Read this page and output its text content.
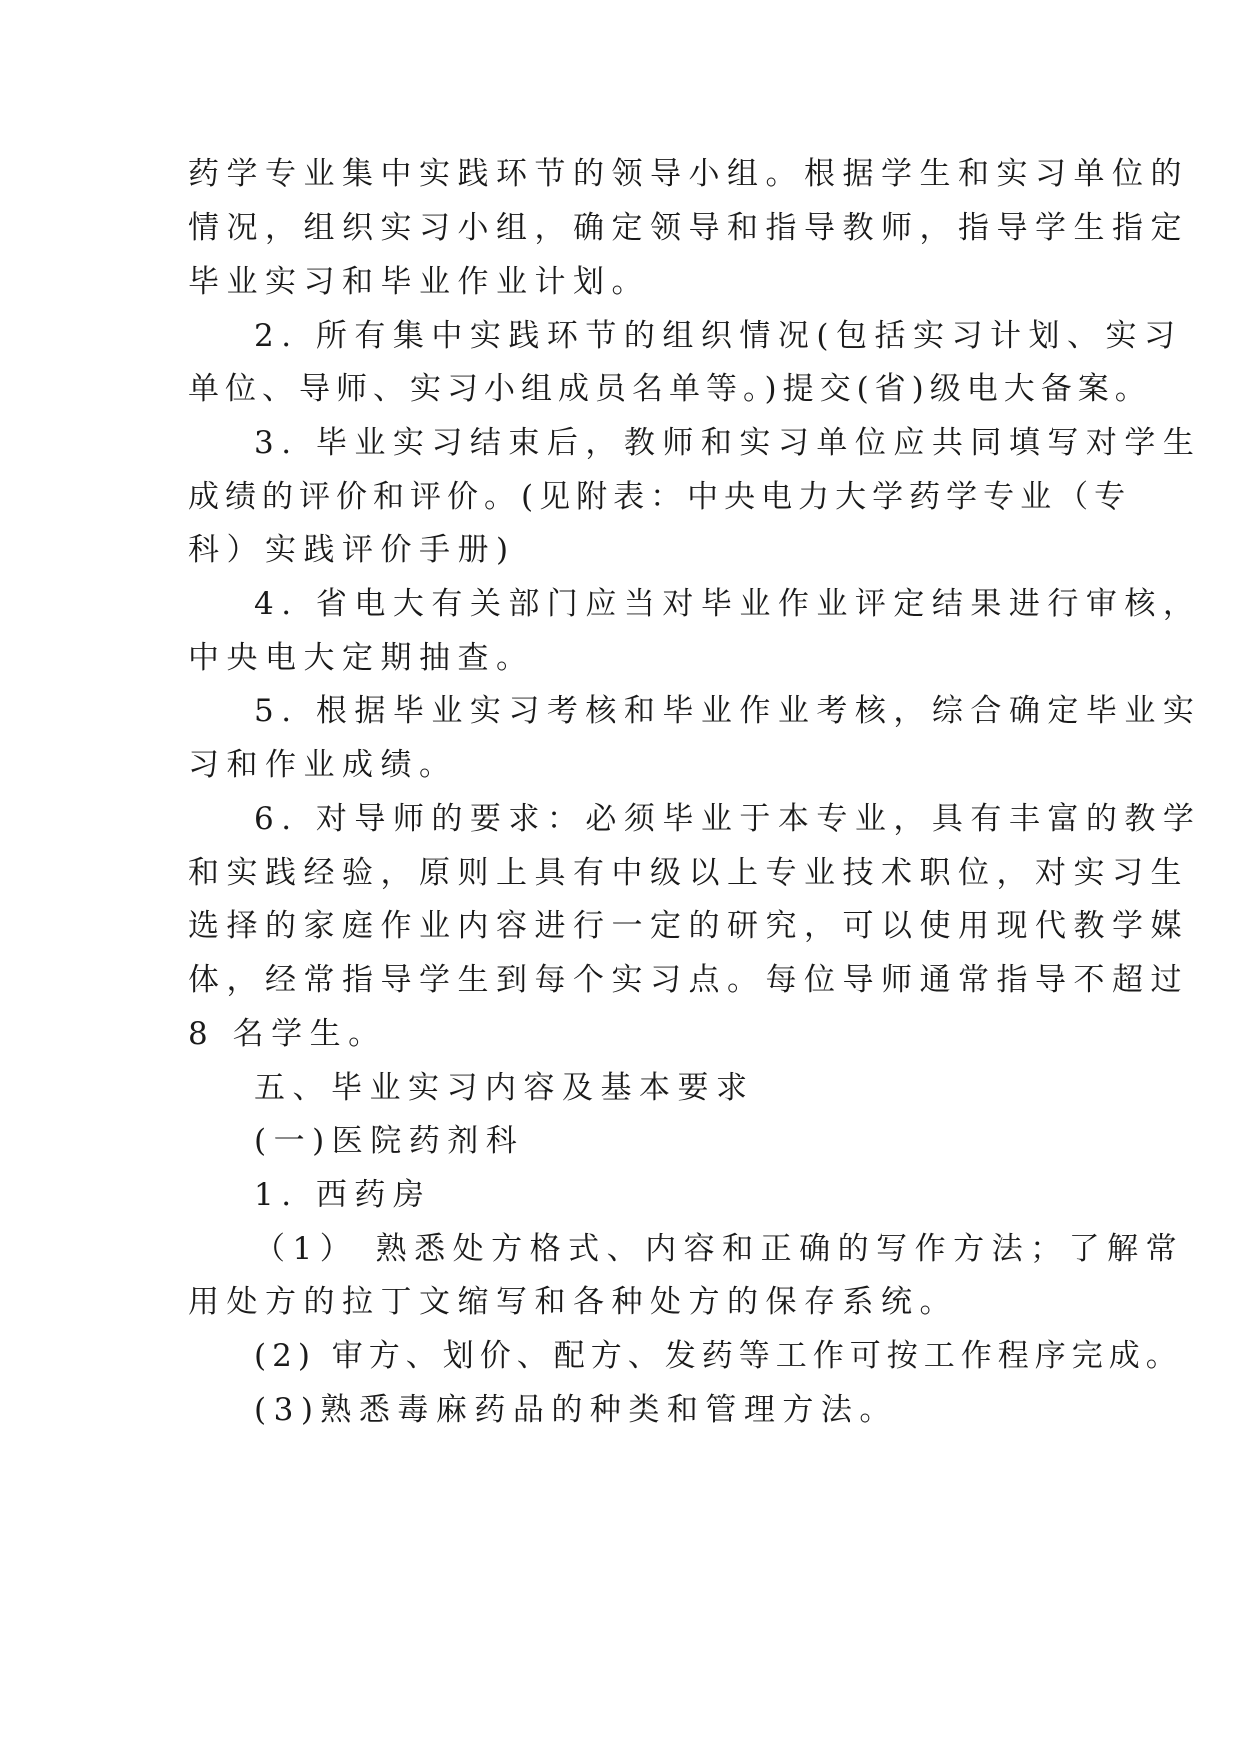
药学专业集中实践环节的领导小组。根据学生和实习单位的
情况，组织实习小组，确定领导和指导教师，指导学生指定
毕业实习和毕业作业计划。
2. 所有集中实践环节的组织情况(包括实习计划、实习
单位、导师、实习小组成员名单等。)提交(省)级电大备案。
3. 毕业实习结束后，教师和实习单位应共同填写对学生
成绩的评价和评价。(见附表：中央电力大学药学专业（专
科）实践评价手册)
4. 省电大有关部门应当对毕业作业评定结果进行审核，
中央电大定期抽查。
5. 根据毕业实习考核和毕业作业考核，综合确定毕业实
习和作业成绩。
6. 对导师的要求：必须毕业于本专业，具有丰富的教学
和实践经验，原则上具有中级以上专业技术职位，对实习生
选择的家庭作业内容进行一定的研究，可以使用现代教学媒
体，经常指导学生到每个实习点。每位导师通常指导不超过
8 名学生。
五、毕业实习内容及基本要求
(一)医院药剂科
1. 西药房
（1） 熟悉处方格式、内容和正确的写作方法；了解常
用处方的拉丁文缩写和各种处方的保存系统。
(2) 审方、划价、配方、发药等工作可按工作程序完成。
(3)熟悉毒麻药品的种类和管理方法。
